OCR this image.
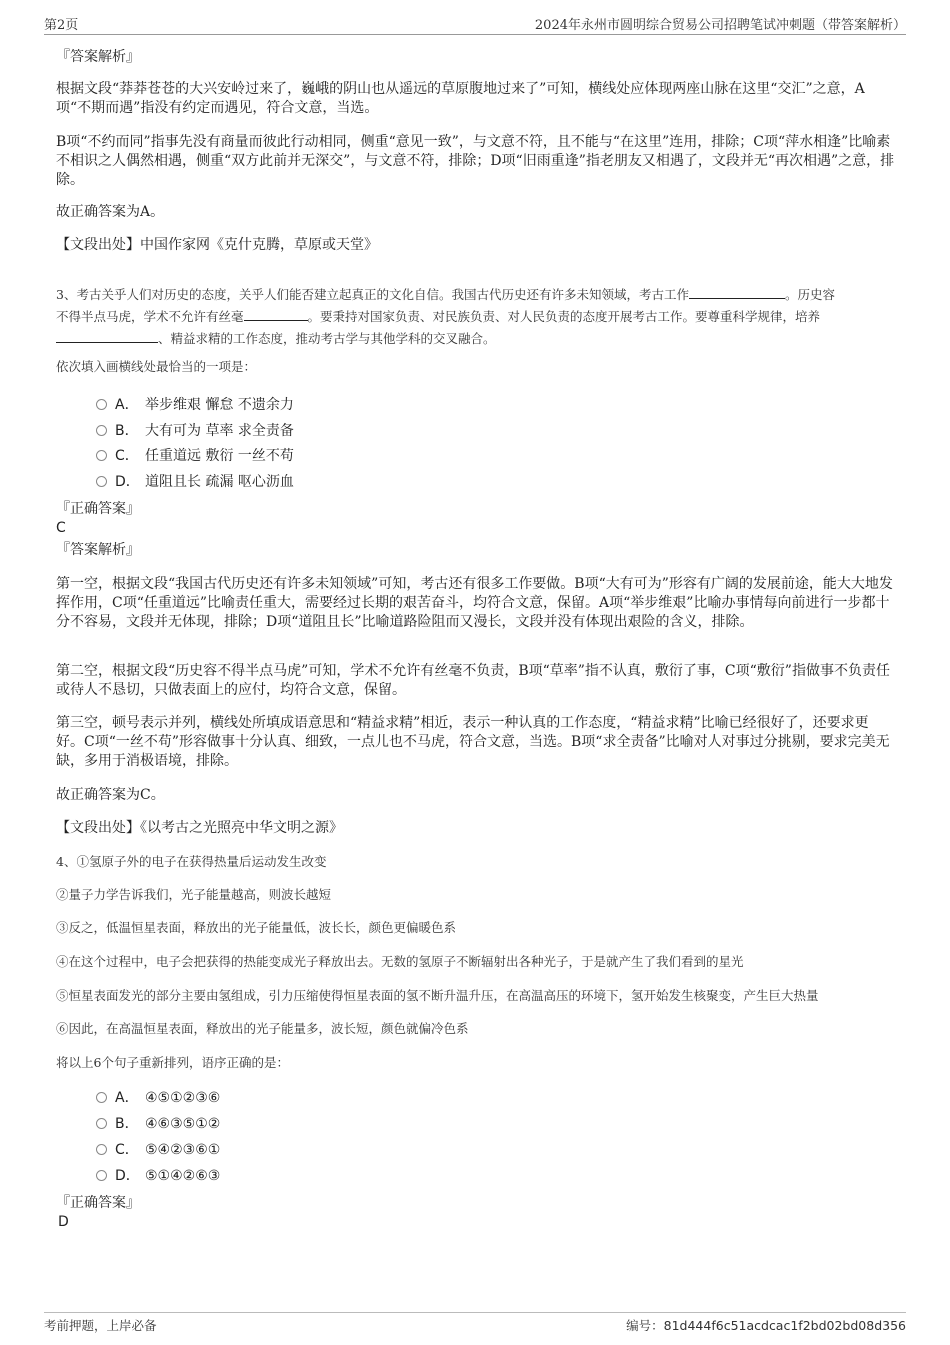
第2页	2024年永州市圆明综合贸易公司招聘笔试冲刺题（带答案解析）
『答案解析』
根据文段“莽莽苍苍的大兴安岭过来了，巍峨的阴山也从遥远的草原腹地过来了”可知，横线处应体现两座山脉在这里“交汇”之意，A项“不期而遇”指没有约定而遇见，符合文意，当选。
B项“不约而同”指事先没有商量而彼此行动相同，侧重“意见一致”，与文意不符，且不能与“在这里”连用，排除；C项“萍水相逢”比喻素不相识之人偶然相遇，侧重“双方此前并无深交”，与文意不符，排除；D项“旧雨重逢”指老朋友又相遇了，文段并无“再次相遇”之意，排除。
故正确答案为A。
【文段出处】中国作家网《克什克腾，草原或天堂》
3、考古关乎人们对历史的态度，关乎人们能否建立起真正的文化自信。我国古代历史还有许多未知领域，考古工作	。历史容
不得半点马虎，学术不允许有丝毫	。要秉持对国家负责、对民族负责、对人民负责的态度开展考古工作。要尊重科学规律，培养
、精益求精的工作态度，推动考古学与其他学科的交叉融合。
依次填入画横线处最恰当的一项是：
A． 举步维艰 懈怠 不遗余力
B． 大有可为 草率 求全责备
C． 任重道远 敷衍 一丝不苟
D． 道阻且长 疏漏 呕心沥血
『正确答案』
C
『答案解析』
第一空，根据文段“我国古代历史还有许多未知领域”可知，考古还有很多工作要做。B项“大有可为”形容有广阔的发展前途，能大大地发挥作用，C项“任重道远”比喻责任重大，需要经过长期的艰苦奋斗，均符合文意，保留。A项“举步维艰”比喻办事情每向前进行一步都十分不容易，文段并无体现，排除；D项“道阻且长”比喻道路险阻而又漫长，文段并没有体现出艰险的含义，排除。
第二空，根据文段“历史容不得半点马虎”可知，学术不允许有丝毫不负责，B项“草率”指不认真，敷衍了事，C项“敷衍”指做事不负责任或待人不恳切，只做表面上的应付，均符合文意，保留。
第三空，顿号表示并列，横线处所填成语意思和“精益求精”相近，表示一种认真的工作态度，“精益求精”比喻已经很好了，还要求更好。C项“一丝不苟”形容做事十分认真、细致，一点儿也不马虎，符合文意，当选。B项“求全责备”比喻对人对事过分挑剔，要求完美无缺，多用于消极语境，排除。
故正确答案为C。
【文段出处】《以考古之光照亮中华文明之源》
4、①氢原子外的电子在获得热量后运动发生改变
②量子力学告诉我们，光子能量越高，则波长越短
③反之，低温恒星表面，释放出的光子能量低，波长长，颜色更偏暖色系
④在这个过程中，电子会把获得的热能变成光子释放出去。无数的氢原子不断辐射出各种光子，于是就产生了我们看到的星光
⑤恒星表面发光的部分主要由氢组成，引力压缩使得恒星表面的氢不断升温升压，在高温高压的环境下，氢开始发生核聚变，产生巨大热量
⑥因此，在高温恒星表面，释放出的光子能量多，波长短，颜色就偏冷色系
将以上6个句子重新排列，语序正确的是：
A． ④⑤①②③⑥
B． ④⑥③⑤①②
C． ⑤④②③⑥①
D． ⑤①④②⑥③
『正确答案』
D
考前押题，上岸必备	编号：81d444f6c51acdcac1f2bd02bd08d356
